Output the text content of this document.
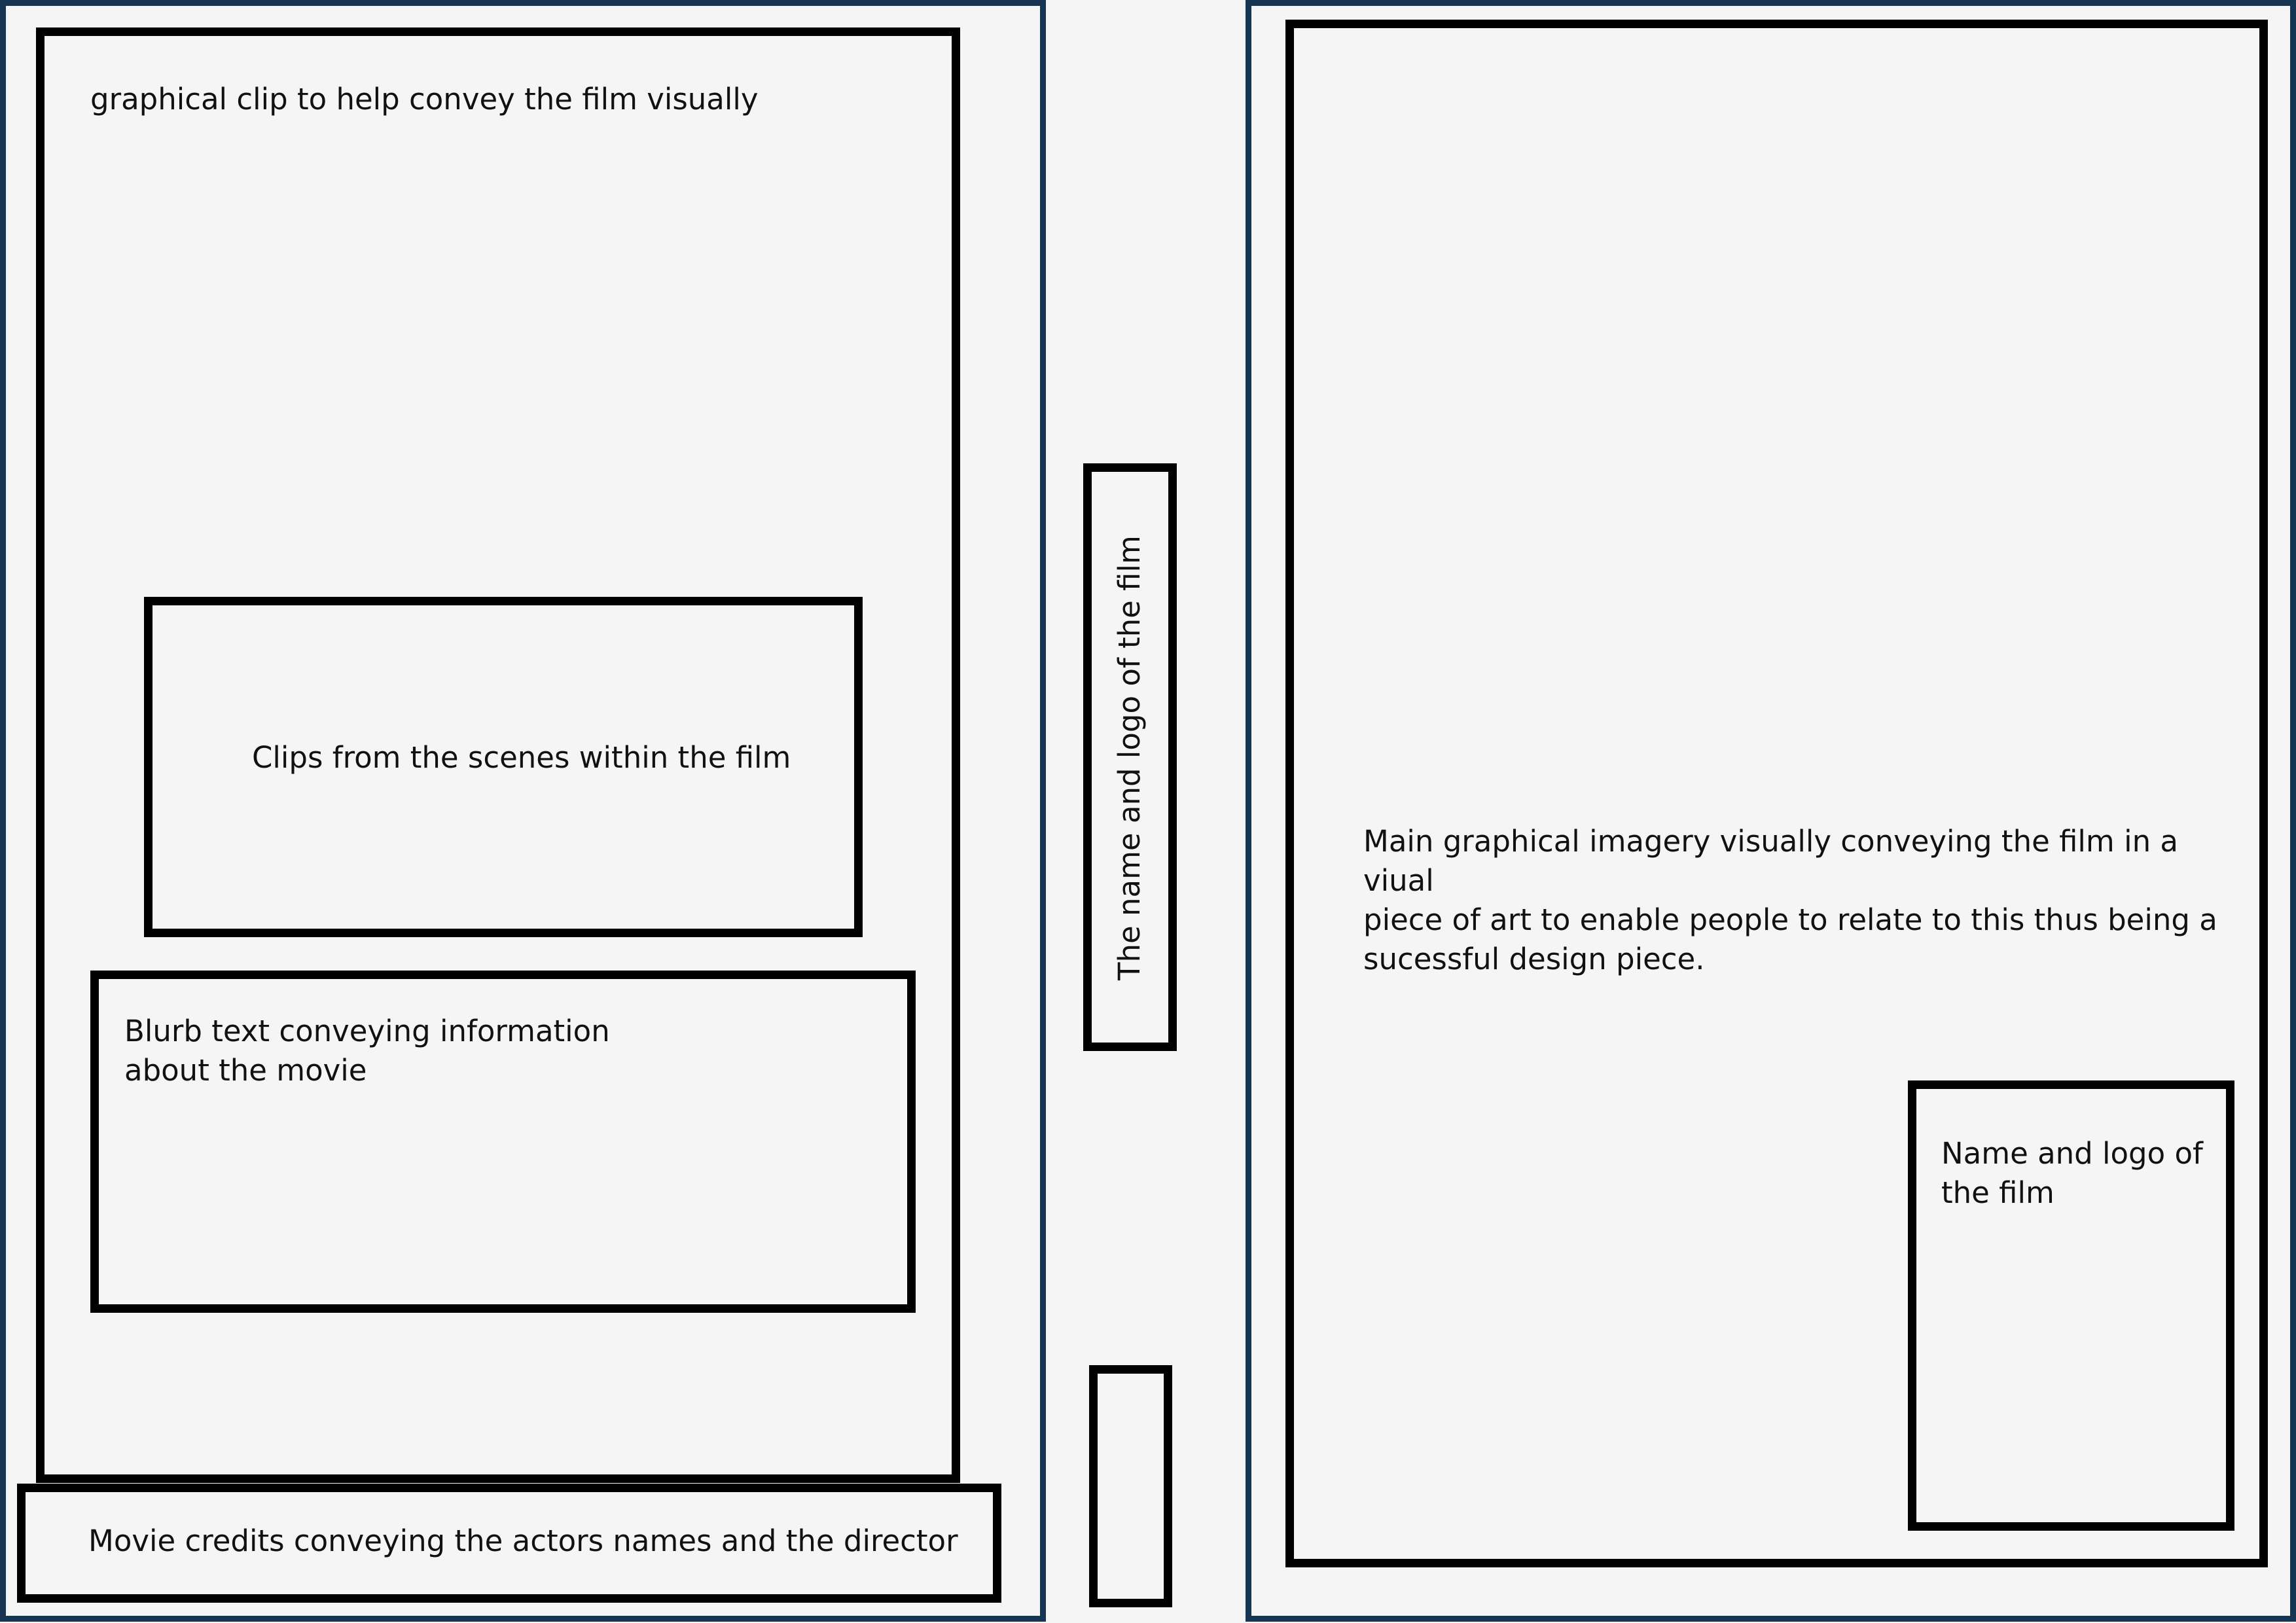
graphical clip to help convey the film visually
Clips from the scenes within the film
Blurb text conveying information
about the movie
Movie credits conveying the actors names and the director
The name and logo of the film	Main graphical imagery visually conveying the film in a viual
piece of art to enable people to relate to this thus being a
sucessful design piece.
Name and logo of
the film
